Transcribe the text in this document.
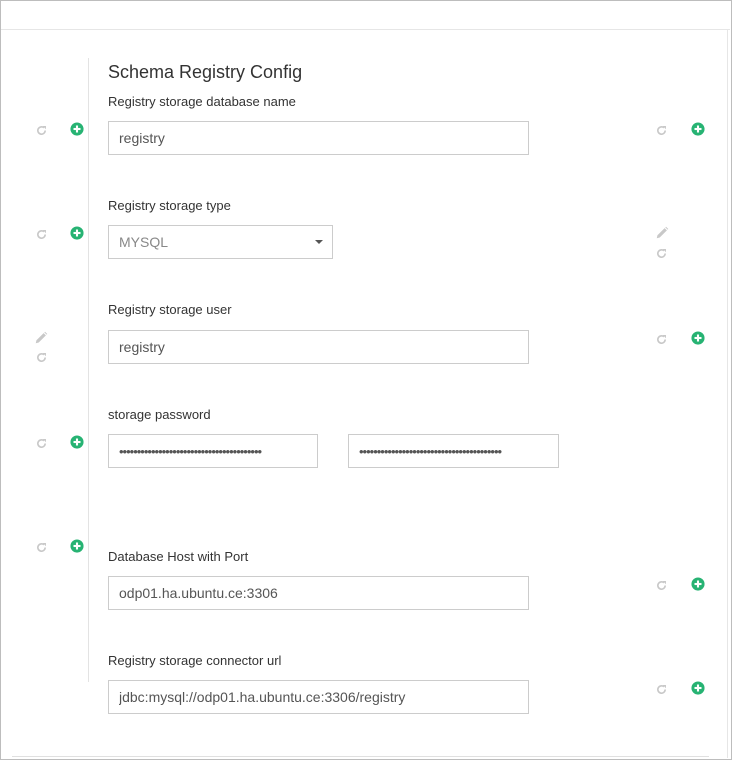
Schema Registry Config
Registry storage database name
registry
Registry storage type
MYSQL
Registry storage user
registry
storage password
••••••••••••••••••••••••••••••••••••••••
••••••••••••••••••••••••••••••••••••••••
Database Host with Port
odp01.ha.ubuntu.ce:3306
Registry storage connector url
jdbc:mysql://odp01.ha.ubuntu.ce:3306/registry
